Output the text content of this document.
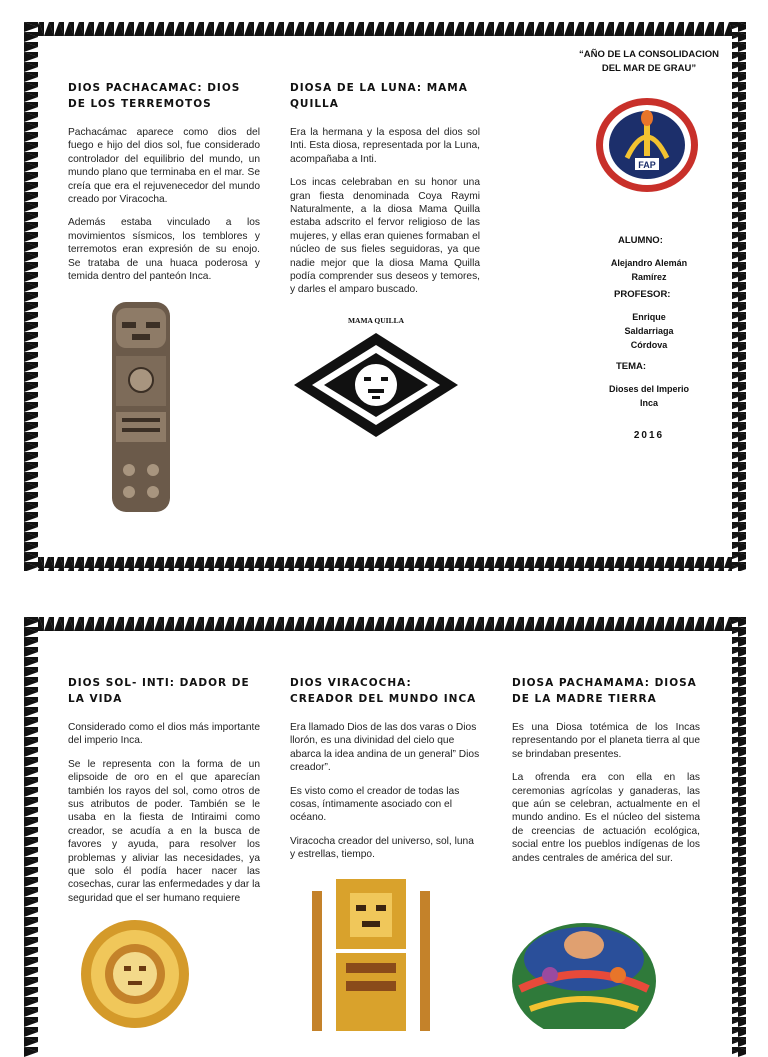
DIOS PACHACAMAC: DIOS DE LOS TERREMOTOS

Pachacámac aparece como dios del fuego e hijo del dios sol, fue considerado controlador del equilibrio del mundo, un mundo plano que terminaba en el mar. Se creía que era el rejuvenecedor del mundo creado por Viracocha.

Además estaba vinculado a los movimientos sísmicos, los temblores y terremotos eran expresión de su enojo. Se trataba de una huaca poderosa y temida dentro del panteón Inca.

DIOSA DE LA LUNA: MAMA QUILLA

Era la hermana y la esposa del dios sol Inti. Esta diosa, representada por la Luna, acompañaba a Inti.

Los incas celebraban en su honor una gran fiesta denominada Coya Raymi Naturalmente, a la diosa Mama Quilla estaba adscrito el fervor religioso de las mujeres, y ellas eran quienes formaban el núcleo de sus fieles seguidoras, ya que nadie mejor que la diosa Mama Quilla podía comprender sus deseos y temores, y darles el amparo buscado.

MAMA QUILLA
“AÑO DE LA CONSOLIDACION
DEL MAR DE GRAU”
FAP
ALUMNO:
Alejandro Alemán
Ramírez
PROFESOR:
Enrique
Saldarriaga
Córdova
TEMA:
Dioses del Imperio
Inca
2016
DIOS SOL- INTI: DADOR DE LA VIDA

Considerado como el dios más importante del imperio Inca.

Se le representa con la forma de un elipsoide de oro en el que aparecían también los rayos del sol, como otros de sus atributos de poder. También se le usaba en la fiesta de Intiraimi como creador, se acudía a en la busca de favores y ayuda, para resolver los problemas y aliviar las necesidades, ya que solo él podía hacer nacer las cosechas, curar las enfermedades y dar la seguridad que el ser humano requiere

DIOS VIRACOCHA: CREADOR DEL MUNDO INCA

Era llamado Dios de las dos varas o Dios llorón, es una divinidad del cielo que abarca la idea andina de un general” Dios creador”.

Es visto como el creador de todas las cosas, íntimamente asociado con el océano.

Viracocha creador del universo, sol, luna y estrellas, tiempo.

DIOSA PACHAMAMA: DIOSA DE LA MADRE TIERRA

Es una Diosa totémica de los Incas representando por el planeta tierra al que se brindaban presentes.

La ofrenda era con ella en las ceremonias agrícolas y ganaderas, las que aún se celebran, actualmente en el mundo andino. Es el núcleo del sistema de creencias de actuación ecológica, social entre los pueblos indígenas de los andes centrales de américa del sur.
